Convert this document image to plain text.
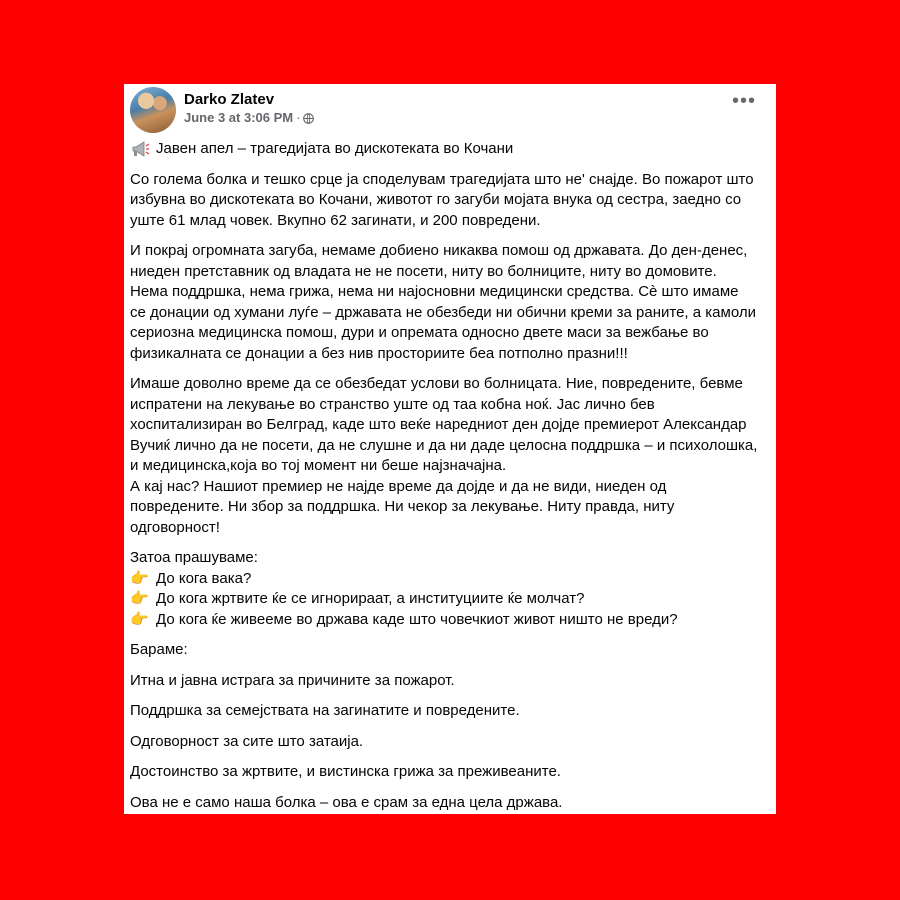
Darko Zlatev
June 3 at 3:06 PM ·
•••

Јавен апел – трагедијата во дискотеката во Кочани

Со голема болка и тешко срце ја споделувам трагедијата што не' снајде. Во пожарот што избувна во дискотеката во Кочани, животот го загуби мојата внука од сестра, заедно со уште 61 млад човек. Вкупно 62 загинати, и 200 повредени.

И покрај огромната загуба, немаме добиено никаква помош од државата. До ден-денес, ниеден претставник од владата не не посети, ниту во болниците, ниту во домовите. Нема поддршка, нема грижа, нема ни најосновни медицински средства. Сè што имаме се донации од хумани луѓе – државата не обезбеди ни обични креми за раните, а камоли сериозна медицинска помош, дури и опремата односно двете маси за вежбање во физикалната се донации а без нив просториите беа потполно празни!!!

Имаше доволно време да се обезбедат услови во болницата. Ние, повредените, бевме испратени на лекување во странство уште од таа кобна ноќ. Јас лично бев хоспитализиран во Белград, каде што веќе наредниот ден дојде премиерот Александар Вучиќ лично да не посети, да не слушне и да ни даде целосна поддршка – и психолошка, и медицинска,која во тој момент ни беше најзначајна.

А кај нас? Нашиот премиер не најде време да дојде и да не види, ниеден од повредените. Ни збор за поддршка. Ни чекор за лекување. Ниту правда, ниту одговорност!

Затоа прашуваме:

👉 До кога вака?

👉 До кога жртвите ќе се игнорираат, а институциите ќе молчат?

👉 До кога ќе живееме во држава каде што човечкиот живот ништо не вреди?

Бараме:

Итна и јавна истрага за причините за пожарот.

Поддршка за семејствата на загинатите и повредените.

Одговорност за сите што затаија.

Достоинство за жртвите, и вистинска грижа за преживеаните.

Ова не е само наша болка – ова е срам за една цела држава.
